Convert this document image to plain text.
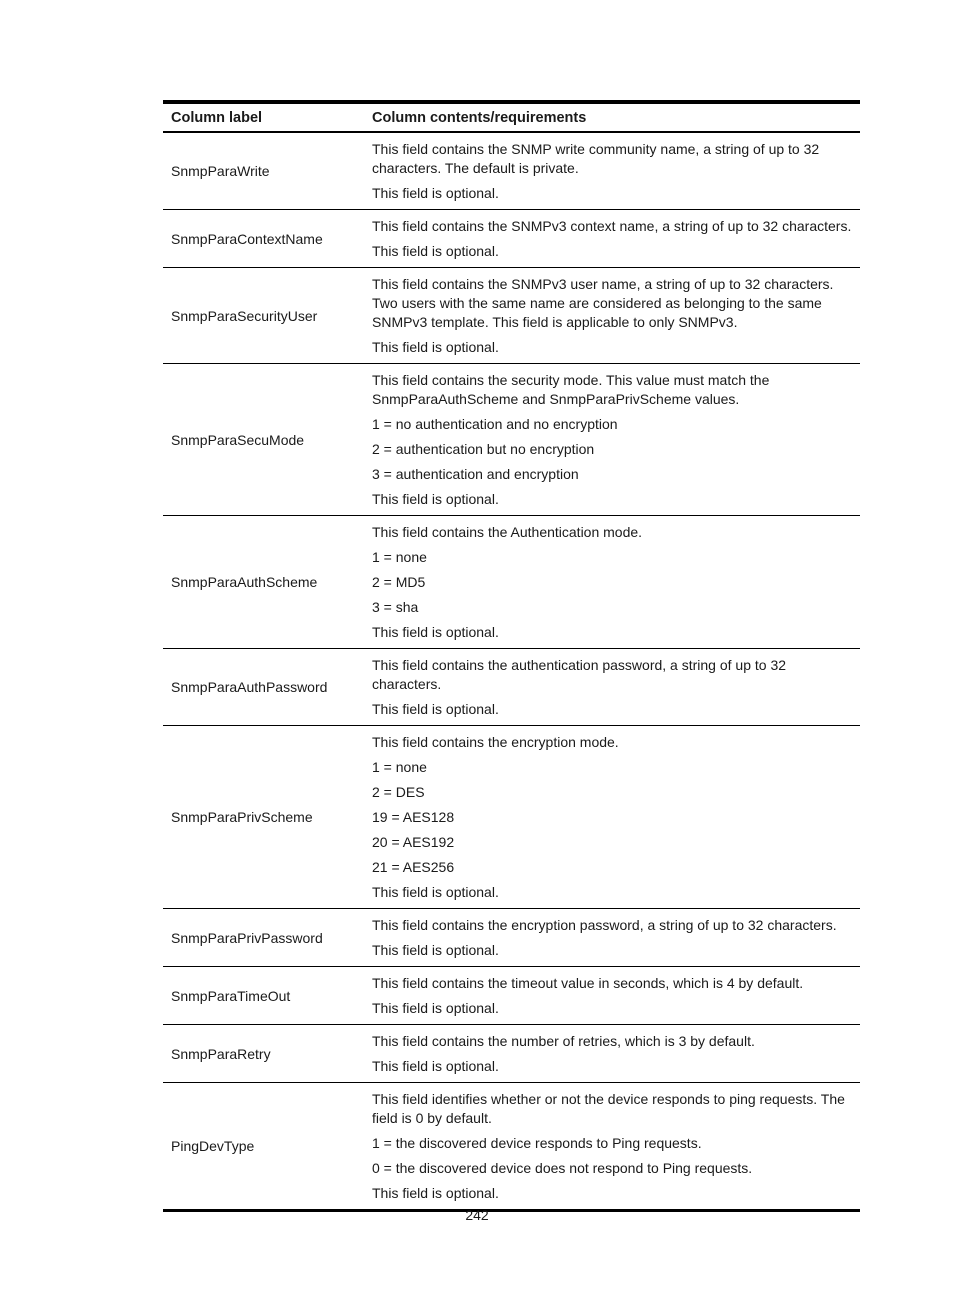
Column label	Column contents/requirements
SnmpParaWrite

This field contains the SNMP write community name, a string of up to 32 characters. The default is private.

This field is optional.

SnmpParaContextName

This field contains the SNMPv3 context name, a string of up to 32 characters.

This field is optional.

SnmpParaSecurityUser

This field contains the SNMPv3 user name, a string of up to 32 characters. Two users with the same name are considered as belonging to the same SNMPv3 template. This field is applicable to only SNMPv3.

This field is optional.

SnmpParaSecuMode

This field contains the security mode. This value must match the SnmpParaAuthScheme and SnmpParaPrivScheme values.

1 = no authentication and no encryption

2 = authentication but no encryption

3 = authentication and encryption

This field is optional.

SnmpParaAuthScheme

This field contains the Authentication mode.

1 = none

2 = MD5

3 = sha

This field is optional.

SnmpParaAuthPassword

This field contains the authentication password, a string of up to 32 characters.

This field is optional.

SnmpParaPrivScheme

This field contains the encryption mode.

1 = none

2 = DES

19 = AES128

20 = AES192

21 = AES256

This field is optional.

SnmpParaPrivPassword

This field contains the encryption password, a string of up to 32 characters.

This field is optional.

SnmpParaTimeOut

This field contains the timeout value in seconds, which is 4 by default.

This field is optional.

SnmpParaRetry

This field contains the number of retries, which is 3 by default.

This field is optional.

PingDevType

This field identifies whether or not the device responds to ping requests. The field is 0 by default.

1 = the discovered device responds to Ping requests.

0 = the discovered device does not respond to Ping requests.

This field is optional.

242
